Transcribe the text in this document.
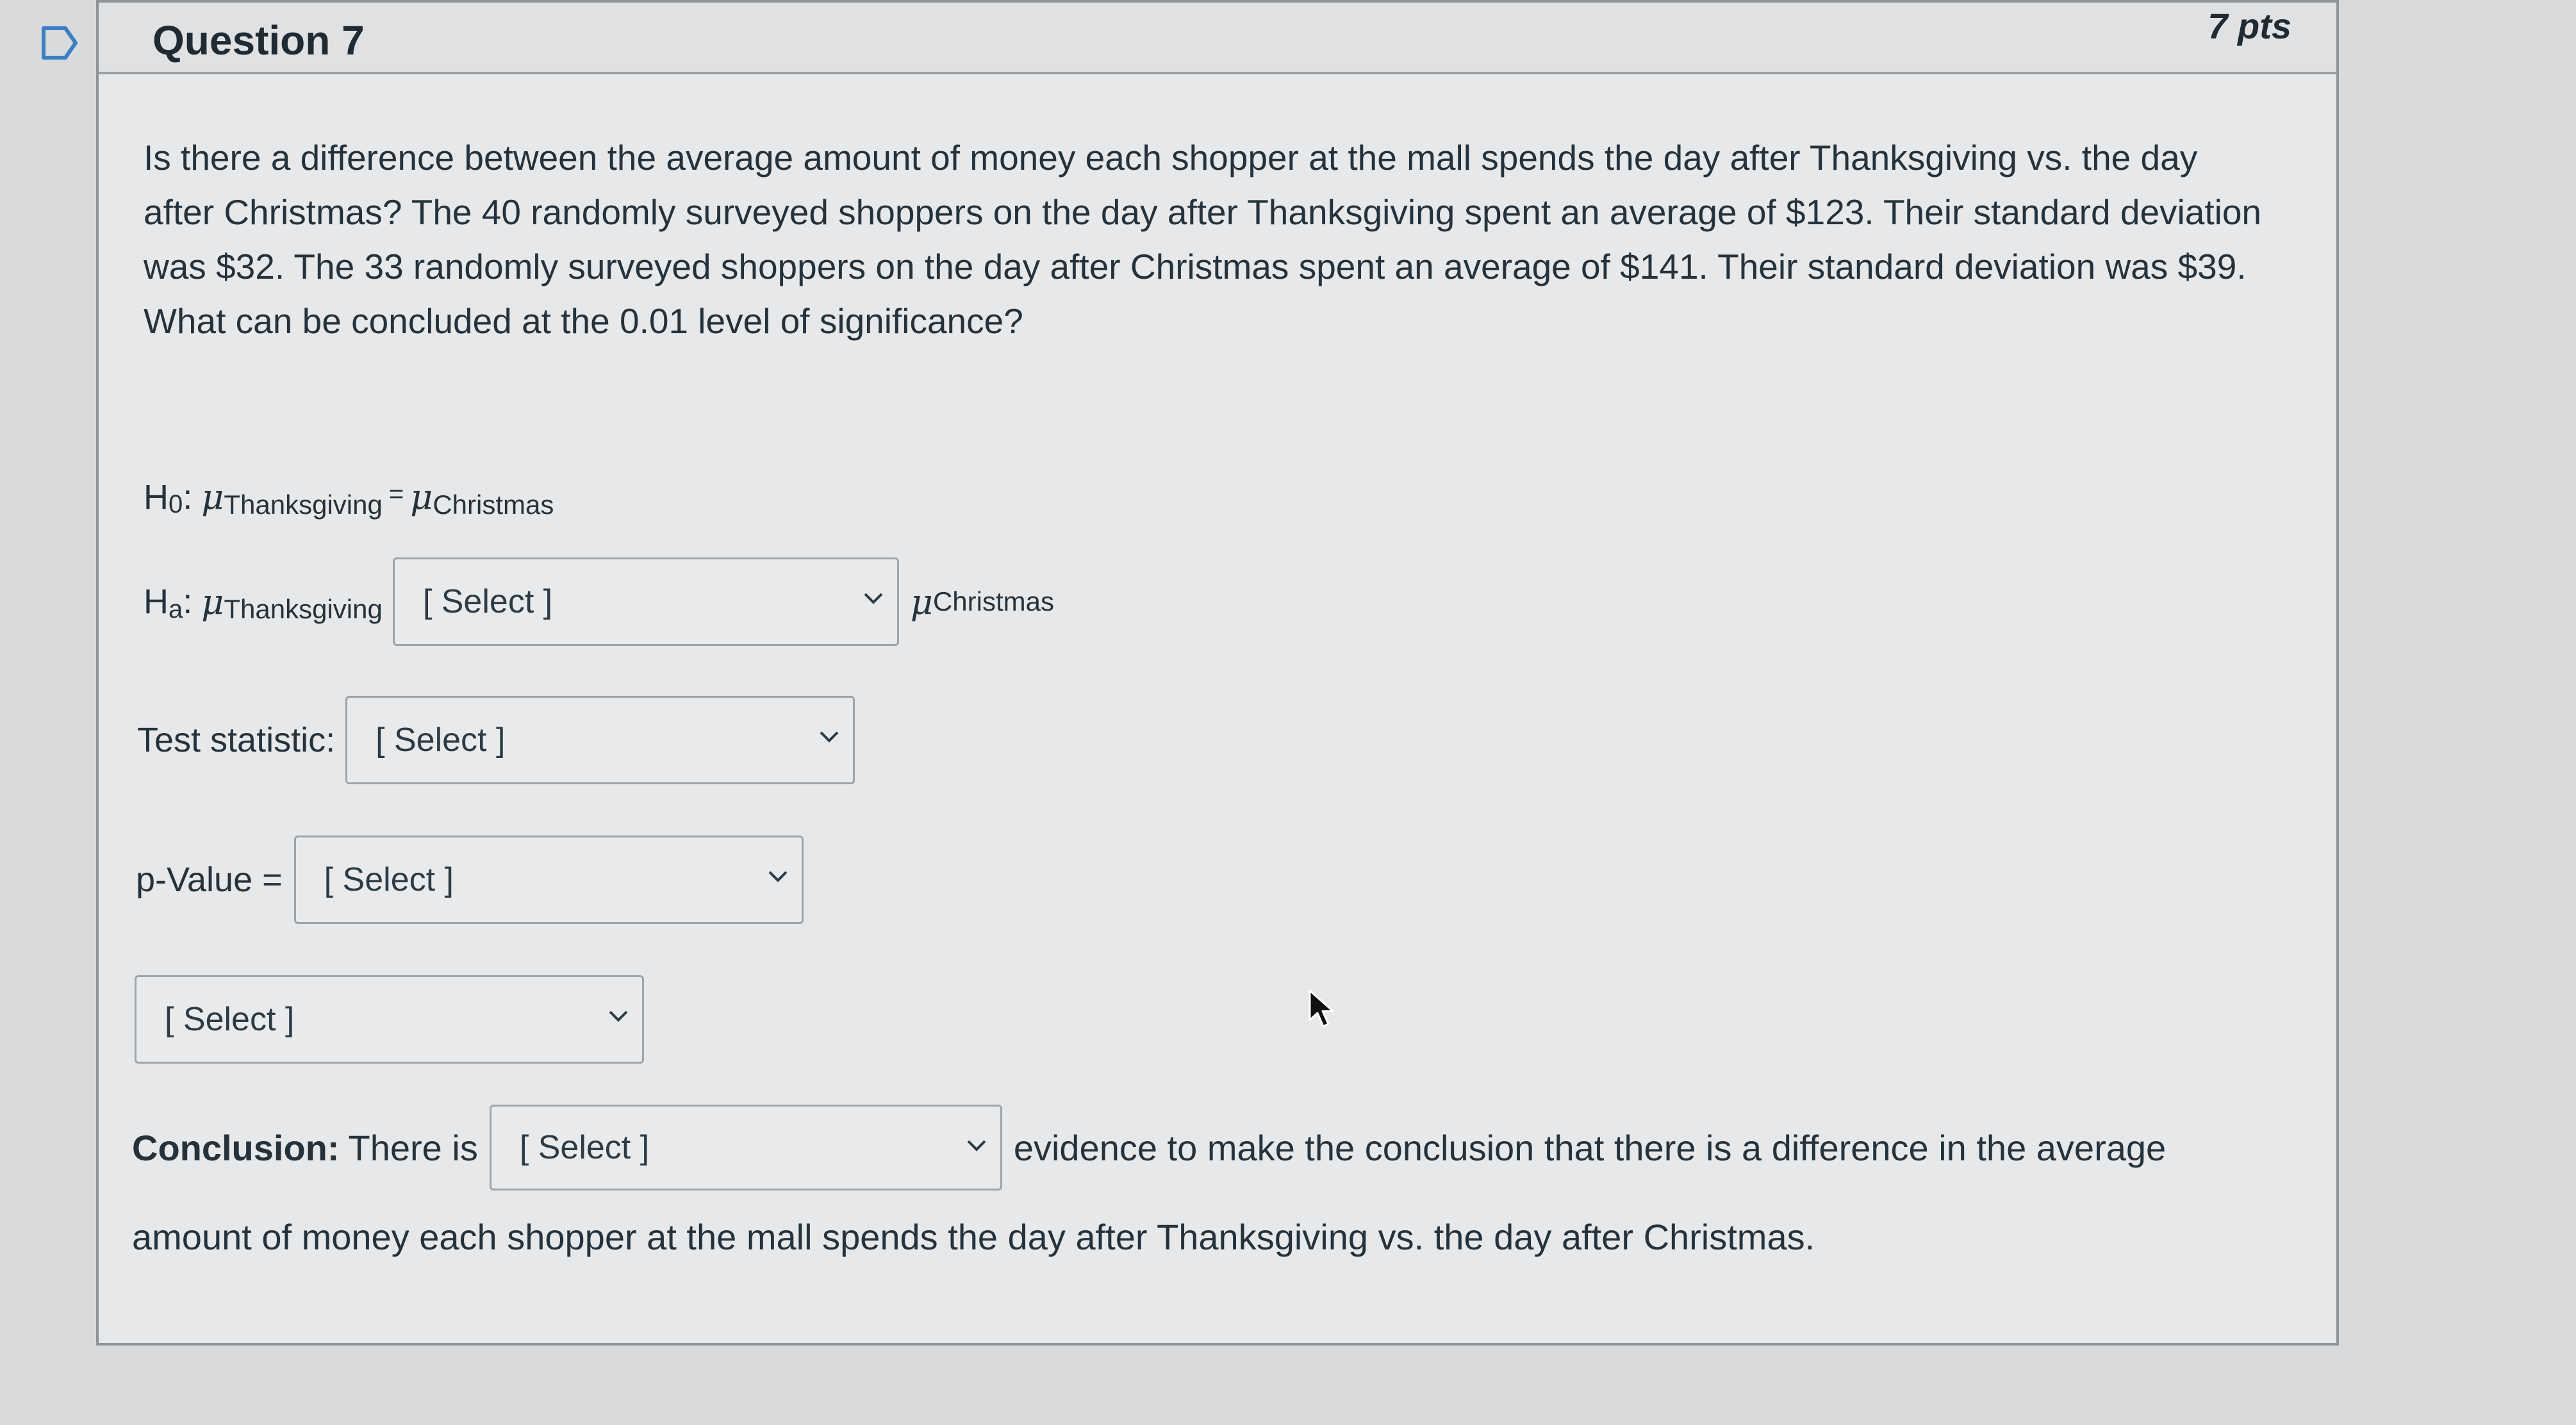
Question 7	7 pts

Is there a difference between the average amount of money each shopper at the mall spends the day after Thanksgiving vs. the day after Christmas? The 40 randomly surveyed shoppers on the day after Thanksgiving spent an average of $123. Their standard deviation was $32. The 33 randomly surveyed shoppers on the day after Christmas spent an average of $141. Their standard deviation was $39. What can be concluded at the 0.01 level of significance?

H 0 : μ Thanksgiving = μ Christmas
H a : μ Thanksgiving [ Select ]	μ Christmas
Test statistic: [ Select ]
p-Value = [ Select ]
[ Select ]
Conclusion: There is [ Select ]	evidence to make the conclusion that there is a difference in the average
amount of money each shopper at the mall spends the day after Thanksgiving vs. the day after Christmas.
